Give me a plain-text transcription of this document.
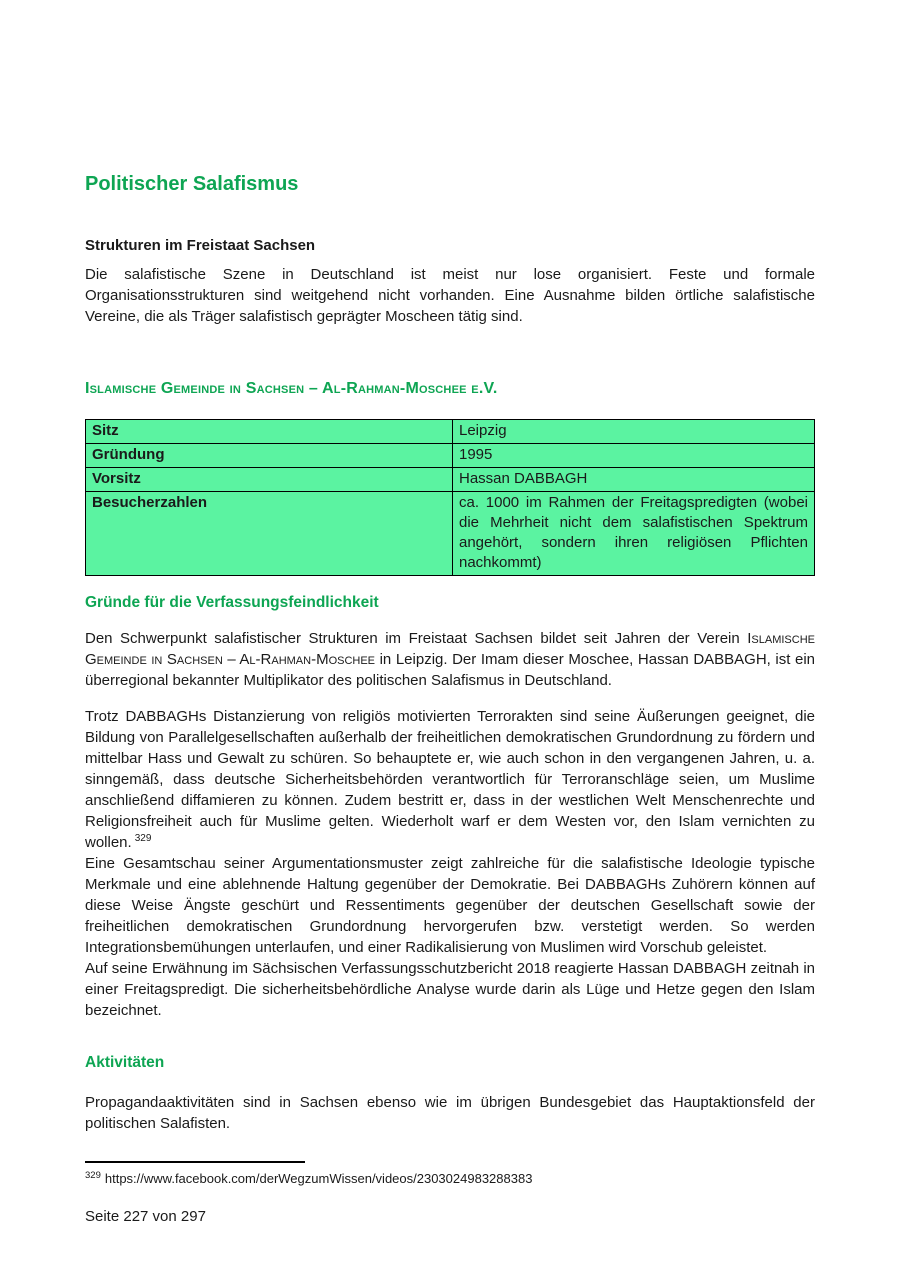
Politischer Salafismus
Strukturen im Freistaat Sachsen

Die salafistische Szene in Deutschland ist meist nur lose organisiert. Feste und formale Organisationsstrukturen sind weitgehend nicht vorhanden. Eine Ausnahme bilden örtliche salafistische Vereine, die als Träger salafistisch geprägter Moscheen tätig sind.

Islamische Gemeinde in Sachsen – Al-Rahman-Moschee e.V.
Sitz	Leipzig
Gründung	1995
Vorsitz	Hassan DABBAGH
Besucherzahlen	ca. 1000 im Rahmen der Freitagspredigten (wobei die Mehrheit nicht dem salafistischen Spektrum angehört, sondern ihren religiösen Pflichten nachkommt)
Gründe für die Verfassungsfeindlichkeit

Den Schwerpunkt salafistischer Strukturen im Freistaat Sachsen bildet seit Jahren der Verein Islamische Gemeinde in Sachsen – Al-Rahman-Moschee in Leipzig. Der Imam dieser Moschee, Hassan DABBAGH, ist ein überregional bekannter Multiplikator des politischen Salafismus in Deutschland.

Trotz DABBAGHs Distanzierung von religiös motivierten Terrorakten sind seine Äußerungen geeignet, die Bildung von Parallelgesellschaften außerhalb der freiheitlichen demokratischen Grundordnung zu fördern und mittelbar Hass und Gewalt zu schüren. So behauptete er, wie auch schon in den vergangenen Jahren, u. a. sinngemäß, dass deutsche Sicherheitsbehörden verantwortlich für Terroranschläge seien, um Muslime anschließend diffamieren zu können. Zudem bestritt er, dass in der westlichen Welt Menschenrechte und Religionsfreiheit auch für Muslime gelten. Wiederholt warf er dem Westen vor, den Islam vernichten zu wollen. $^{329}$

Eine Gesamtschau seiner Argumentationsmuster zeigt zahlreiche für die salafistische Ideologie typische Merkmale und eine ablehnende Haltung gegenüber der Demokratie. Bei DABBAGHs Zuhörern können auf diese Weise Ängste geschürt und Ressentiments gegenüber der deutschen Gesellschaft sowie der freiheitlichen demokratischen Grundordnung hervorgerufen bzw. verstetigt werden. So werden Integrationsbemühungen unterlaufen, und einer Radikalisierung von Muslimen wird Vorschub geleistet.

Auf seine Erwähnung im Sächsischen Verfassungsschutzbericht 2018 reagierte Hassan DABBAGH zeitnah in einer Freitagspredigt. Die sicherheitsbehördliche Analyse wurde darin als Lüge und Hetze gegen den Islam bezeichnet.

Aktivitäten

Propagandaaktivitäten sind in Sachsen ebenso wie im übrigen Bundesgebiet das Hauptaktionsfeld der politischen Salafisten.

$^{329}$ https://www.facebook.com/derWegzumWissen/videos/2303024983288383
Seite 227 von 297
